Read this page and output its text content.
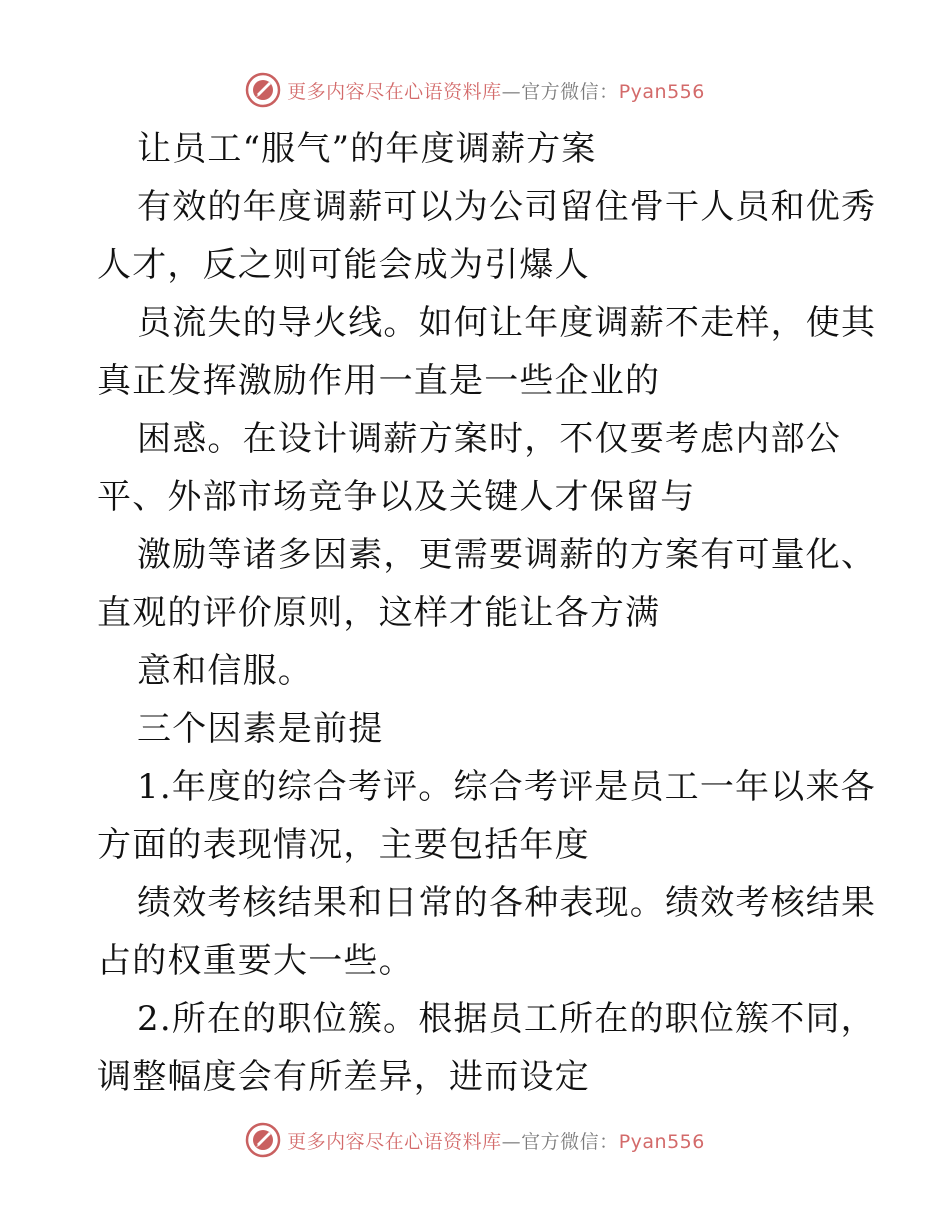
更多内容尽在心语资料库—官方微信：Pyan556
让员工“服气”的年度调薪方案
有效的年度调薪可以为公司留住骨干人员和优秀
人才，反之则可能会成为引爆人
员流失的导火线。如何让年度调薪不走样，使其
真正发挥激励作用一直是一些企业的
困惑。在设计调薪方案时，不仅要考虑内部公
平、外部市场竞争以及关键人才保留与
激励等诸多因素，更需要调薪的方案有可量化、
直观的评价原则，这样才能让各方满
意和信服。
三个因素是前提
1.年度的综合考评。综合考评是员工一年以来各
方面的表现情况，主要包括年度
绩效考核结果和日常的各种表现。绩效考核结果
占的权重要大一些。
2.所在的职位簇。根据员工所在的职位簇不同，
调整幅度会有所差异，进而设定
更多内容尽在心语资料库—官方微信：Pyan556
